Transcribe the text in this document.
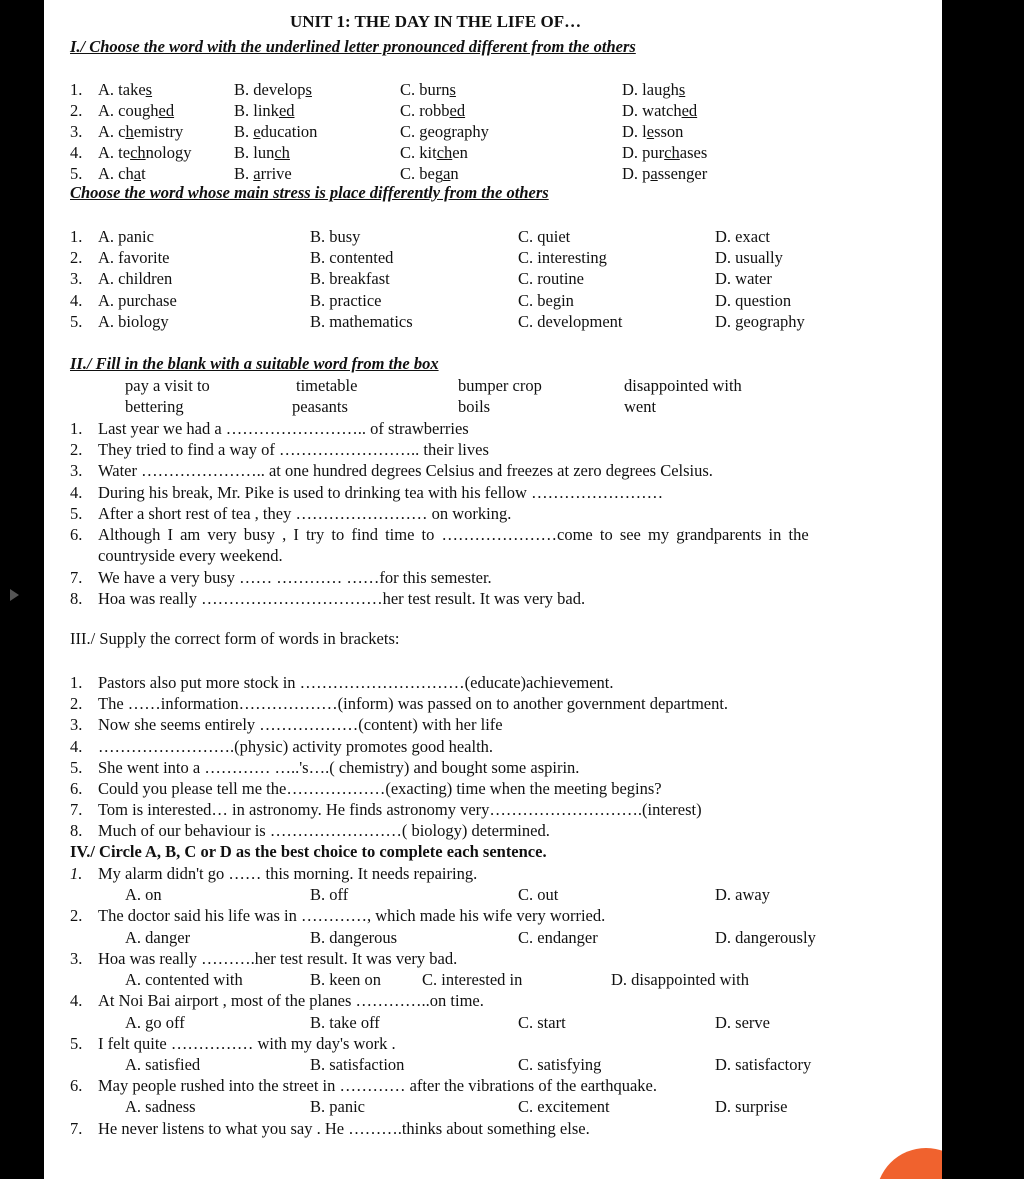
UNIT 1: THE DAY IN THE LIFE OF…
I./ Choose the word with the underlined letter pronounced different from the others
1. A. takes	B. develops	C. burns	D. laughs
2. A. coughed	B. linked	C. robbed	D. watched
3. A. chemistry	B. education	C. geography	D. lesson
4. A. technology	B. lunch	C. kitchen	D. purchases
5. A. chat	B. arrive	C. began	D. passenger
Choose the word whose main stress is place differently from the others
1. A. panic	B. busy	C. quiet	D. exact
2. A. favorite	B. contented	C. interesting	D. usually
3. A. children	B. breakfast	C. routine	D. water
4. A. purchase	B. practice	C. begin	D. question
5. A. biology	B. mathematics	C. development	D. geography
II./ Fill in the blank with a suitable word from the box
pay a visit to	timetable	bumper crop	disappointed with
bettering	peasants	boils	went
1. Last year we had a …………………….. of strawberries
2. They tried to find a way of …………………….. their lives
3. Water ………………….. at one hundred degrees Celsius and freezes at zero degrees Celsius.
4. During his break, Mr. Pike is used to drinking tea with his fellow ……………………
5. After a short rest of tea , they …………………… on working.
6. Although I am very busy , I try to find time to …………………come to see my grandparents in the
countryside every weekend.
7. We have a very busy …… ………… ……for this semester.
8. Hoa was really ……………………………her test result. It was very bad.
III./ Supply the correct form of words in brackets:
1. Pastors also put more stock in …………………………(educate)achievement.
2. The ……information………………(inform) was passed on to another government department.
3. Now she seems entirely ………………(content) with her life
4. …………………….(physic) activity promotes good health.
5. She went into a ………… …..'s….( chemistry) and bought some aspirin.
6. Could you please tell me the………………(exacting) time when the meeting begins?
7. Tom is interested… in astronomy. He finds astronomy very……………………….(interest)
8. Much of our behaviour is ……………………( biology) determined.
IV./ Circle A, B, C or D as the best choice to complete each sentence.
1. My alarm didn't go …… this morning. It needs repairing.
A. on	B. off	C. out	D. away
2. The doctor said his life was in …………, which made his wife very worried.
A. danger	B. dangerous	C. endanger	D. dangerously
3. Hoa was really ……….her test result. It was very bad.
A. contented with	B. keen on C. interested in	D. disappointed with
4. At Noi Bai airport , most of the planes …………..on time.
A. go off	B. take off	C. start	D. serve
5. I felt quite …………… with my day's work .
A. satisfied	B. satisfaction	C. satisfying	D. satisfactory
6. May people rushed into the street in ………… after the vibrations of the earthquake.
A. sadness	B. panic	C. excitement	D. surprise
7. He never listens to what you say . He ……….thinks about something else.
